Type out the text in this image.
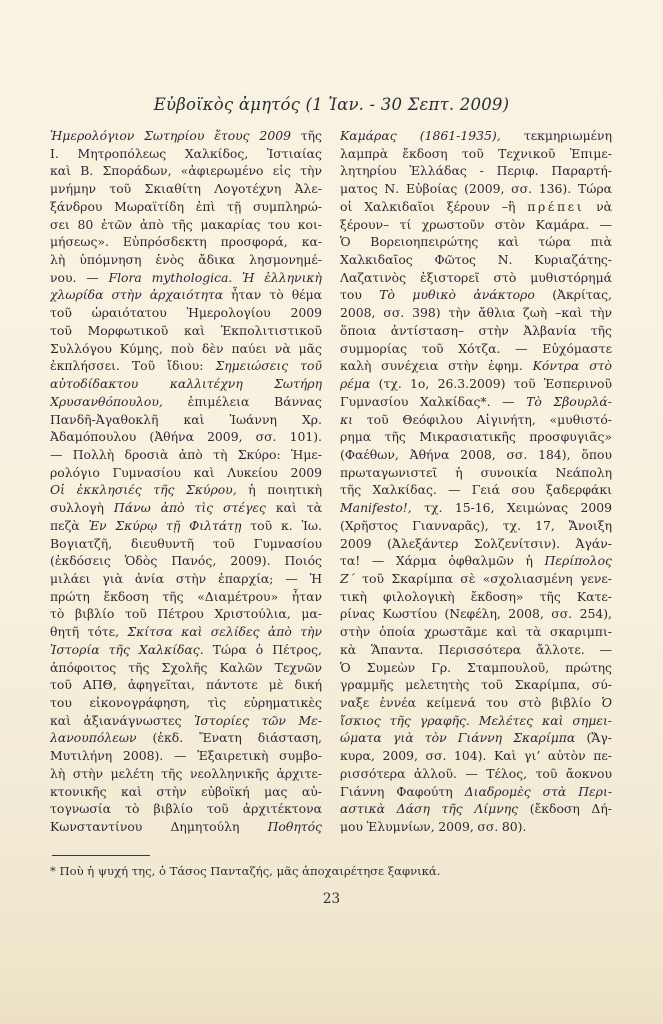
Εὐβοϊκὸς ἀμητός (1 Ἰαν. - 30 Σεπτ. 2009)
Ἡμερολόγιον Σωτηρίου ἔτους 2009 τῆς
Ι. Μητροπόλεως Χαλκίδος, Ἱστιαίας
καὶ Β. Σποράδων, «ἀφιερωμένο εἰς τὴν
μνήμην τοῦ Σκιαθίτη Λογοτέχνη Ἀλε-
ξάνδρου Μωραϊτίδη ἐπὶ τῇ συμπληρώ-
σει 80 ἐτῶν ἀπὸ τῆς μακαρίας του κοι-
μήσεως». Εὐπρόσδεκτη προσφορά, κα-
λὴ ὑπόμνηση ἑνὸς ἄδικα λησμονημέ-
νου. — Flora mythologica. Ἡ ἑλληνικὴ
χλωρίδα στὴν ἀρχαιότητα ἦταν τὸ θέμα
τοῦ ὡραιότατου Ἡμερολογίου 2009
τοῦ Μορφωτικοῦ καὶ Ἐκπολιτιστικοῦ
Συλλόγου Κύμης, ποὺ δὲν παύει νὰ μᾶς
ἐκπλήσσει. Τοῦ ἴδιου: Σημειώσεις τοῦ
αὐτοδίδακτου καλλιτέχνη Σωτήρη
Χρυσανθόπουλου, ἐπιμέλεια Βάννας
Πανδῆ-Ἀγαθοκλῆ καὶ Ἰωάννη Χρ.
Ἀδαμόπουλου (Ἀθήνα 2009, σσ. 101).
— Πολλὴ δροσιὰ ἀπὸ τὴ Σκύρο: Ἡμε-
ρολόγιο Γυμνασίου καὶ Λυκείου 2009
Οἱ ἐκκλησιές τῆς Σκύρου, ἡ ποιητικὴ
συλλογὴ Πάνω ἀπὸ τὶς στέγες καὶ τὰ
πεζὰ Ἐν Σκύρῳ τῇ Φιλτάτῃ τοῦ κ. Ἰω.
Βογιατζῆ, διευθυντῆ τοῦ Γυμνασίου
(ἐκδόσεις Ὁδὸς Πανός, 2009). Ποιός
μιλάει γιὰ ἀνία στὴν ἐπαρχία; — Ἡ
πρώτη ἔκδοση τῆς «Διαμέτρου» ἦταν
τὸ βιβλίο τοῦ Πέτρου Χριστούλια, μα-
θητῆ τότε, Σκίτσα καὶ σελίδες ἀπὸ τὴν
Ἱστορία τῆς Χαλκίδας. Τώρα ὁ Πέτρος,
ἀπόφοιτος τῆς Σχολῆς Καλῶν Τεχνῶν
τοῦ ΑΠΘ, ἀφηγεῖται, πάντοτε μὲ δική
του εἰκονογράφηση, τὶς εὑρηματικὲς
καὶ ἀξιανάγνωστες Ἱστορίες τῶν Με-
λανουπόλεων (ἐκδ. Ἔνατη διάσταση,
Μυτιλήνη 2008). — Ἐξαιρετικὴ συμβο-
λὴ στὴν μελέτη τῆς νεολληνικῆς ἀρχιτε-
κτονικῆς καὶ στὴν εὐβοϊκή μας αὐ-
τογνωσία τὸ βιβλίο τοῦ ἀρχιτέκτονα
Κωνσταντίνου Δημητούλη Ποθητός
Καμάρας (1861-1935), τεκμηριωμένη
λαμπρὰ ἔκδοση τοῦ Τεχνικοῦ Ἐπιμε-
λητηρίου Ἑλλάδας - Περιφ. Παραρτή-
ματος Ν. Εὐβοίας (2009, σσ. 136). Τώρα
οἱ Χαλκιδαῖοι ξέρουν –ἢ πρέπει νὰ
ξέρουν– τί χρωστοῦν στὸν Καμάρα. —
Ὁ Βορειοηπειρώτης καὶ τώρα πιὰ
Χαλκιδαῖος Φῶτος Ν. Κυριαζάτης-
Λαζατινὸς ἐξιστορεῖ στὸ μυθιστόρημά
του Τὸ μυθικὸ ἀνάκτορο (Ἀκρίτας,
2008, σσ. 398) τὴν ἄθλια ζωὴ –καὶ τὴν
ὅποια ἀντίσταση– στὴν Ἀλβανία τῆς
συμμορίας τοῦ Χότζα. — Εὐχόμαστε
καλὴ συνέχεια στὴν ἐφημ. Κόντρα στὸ
ρέμα (τχ. 1ο, 26.3.2009) τοῦ Ἑσπερινοῦ
Γυμνασίου Χαλκίδας*. — Τὸ Σβουρλά-
κι τοῦ Θεόφιλου Αἰγινήτη, «μυθιστό-
ρημα τῆς Μικρασιατικῆς προσφυγιᾶς»
(Φαέθων, Ἀθήνα 2008, σσ. 184), ὅπου
πρωταγωνιστεῖ ἡ συνοικία Νεάπολη
τῆς Χαλκίδας. — Γειά σου ξαδερφάκι
Manifesto!, τχ. 15-16, Χειμώνας 2009
(Χρῆστος Γιανναρᾶς), τχ. 17, Ἄνοιξη
2009 (Ἀλεξάντερ Σολζενίτσιν). Ἀγάν-
τα! — Χάρμα ὀφθαλμῶν ἡ Περίπολος
Ζ΄ τοῦ Σκαρίμπα σὲ «σχολιασμένη γενε-
τικὴ φιλολογικὴ ἔκδοση» τῆς Κατε-
ρίνας Κωστίου (Νεφέλη, 2008, σσ. 254),
στὴν ὁποία χρωστᾶμε καὶ τὰ σκαριμπι-
κὰ Ἅπαντα. Περισσότερα ἄλλοτε. —
Ὁ Συμεὼν Γρ. Σταμπουλοῦ, πρώτης
γραμμῆς μελετητὴς τοῦ Σκαρίμπα, σύ-
ναξε ἐννέα κείμενά του στὸ βιβλίο Ὁ
ἴσκιος τῆς γραφῆς. Μελέτες καὶ σημει-
ώματα γιὰ τὸν Γιάννη Σκαρίμπα (Ἄγ-
κυρα, 2009, σσ. 104). Καὶ γι’ αὐτὸν πε-
ρισσότερα ἀλλοῦ. — Τέλος, τοῦ ἄοκνου
Γιάννη Φαφούτη Διαδρομὲς στὰ Περι-
αστικὰ Δάση τῆς Λίμνης (ἔκδοση Δή-
μου Ἐλυμνίων, 2009, σσ. 80).
* Ποὺ ἡ ψυχή της, ὁ Τάσος Πανταζής, μᾶς ἀποχαιρέτησε ξαφνικά.
23
